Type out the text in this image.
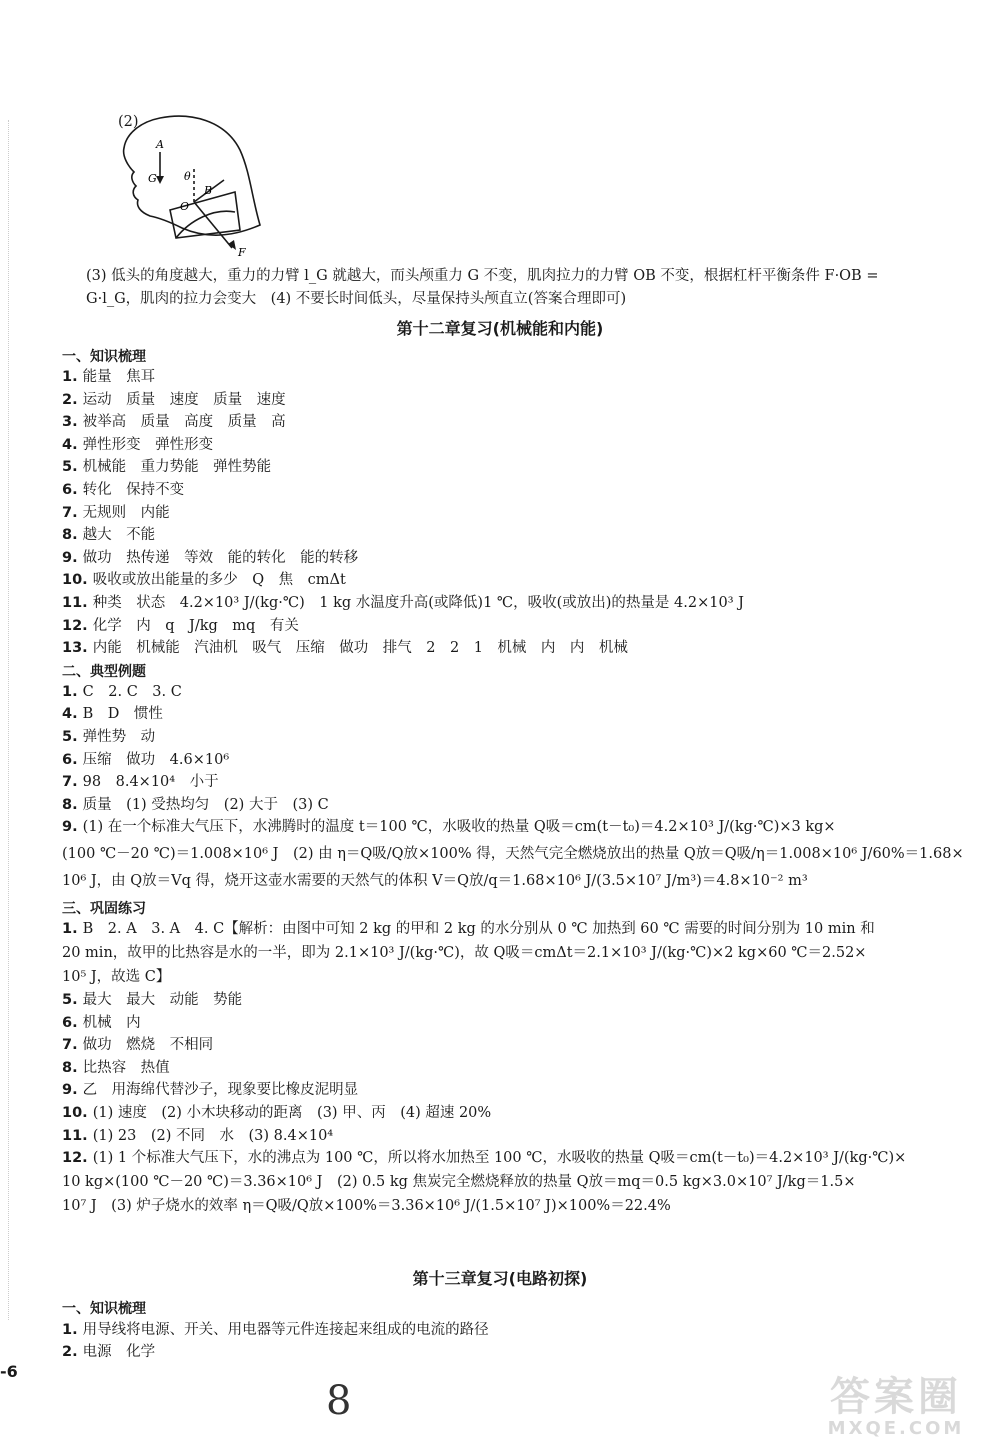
(2)
A
G θ
B
O
F
(3) 低头的角度越大，重力的力臂 l_G 就越大，而头颅重力 G 不变，肌肉拉力的力臂 OB 不变，根据杠杆平衡条件 F·OB =
G·l_G，肌肉的拉力会变大　(4) 不要长时间低头，尽量保持头颅直立(答案合理即可)
第十二章复习(机械能和内能)
一、知识梳理
1. 能量　焦耳
2. 运动　质量　速度　质量　速度
3. 被举高　质量　高度　质量　高
4. 弹性形变　弹性形变
5. 机械能　重力势能　弹性势能
6. 转化　保持不变
7. 无规则　内能
8. 越大　不能
9. 做功　热传递　等效　能的转化　能的转移
10. 吸收或放出能量的多少　Q　焦　cmΔt
11. 种类　状态　4.2×10³ J/(kg·℃)　1 kg 水温度升高(或降低)1 ℃，吸收(或放出)的热量是 4.2×10³ J
12. 化学　内　q　J/kg　mq　有关
13. 内能　机械能　汽油机　吸气　压缩　做功　排气　2　2　1　机械　内　内　机械
二、典型例题
1. C　2. C　3. C
4. B　D　惯性
5. 弹性势　动
6. 压缩　做功　4.6×10⁶
7. 98　8.4×10⁴　小于
8. 质量　(1) 受热均匀　(2) 大于　(3) C
9. (1) 在一个标准大气压下，水沸腾时的温度 t＝100 ℃，水吸收的热量 Q吸＝cm(t－t₀)＝4.2×10³ J/(kg·℃)×3 kg×
(100 ℃－20 ℃)＝1.008×10⁶ J　(2) 由 η＝Q吸/Q放×100% 得，天然气完全燃烧放出的热量 Q放＝Q吸/η＝1.008×10⁶ J/60%＝1.68×
10⁶ J，由 Q放＝Vq 得，烧开这壶水需要的天然气的体积 V＝Q放/q＝1.68×10⁶ J/(3.5×10⁷ J/m³)＝4.8×10⁻² m³
三、巩固练习
1. B　2. A　3. A　4. C【解析：由图中可知 2 kg 的甲和 2 kg 的水分别从 0 ℃ 加热到 60 ℃ 需要的时间分别为 10 min 和
20 min，故甲的比热容是水的一半，即为 2.1×10³ J/(kg·℃)，故 Q吸＝cmΔt＝2.1×10³ J/(kg·℃)×2 kg×60 ℃＝2.52×
10⁵ J，故选 C】
5. 最大　最大　动能　势能
6. 机械　内
7. 做功　燃烧　不相同
8. 比热容　热值
9. 乙　用海绵代替沙子，现象要比橡皮泥明显
10. (1) 速度　(2) 小木块移动的距离　(3) 甲、丙　(4) 超速 20%
11. (1) 23　(2) 不同　水　(3) 8.4×10⁴
12. (1) 1 个标准大气压下，水的沸点为 100 ℃，所以将水加热至 100 ℃，水吸收的热量 Q吸＝cm(t－t₀)＝4.2×10³ J/(kg·℃)×
10 kg×(100 ℃－20 ℃)＝3.36×10⁶ J　(2) 0.5 kg 焦炭完全燃烧释放的热量 Q放＝mq＝0.5 kg×3.0×10⁷ J/kg＝1.5×
10⁷ J　(3) 炉子烧水的效率 η＝Q吸/Q放×100%＝3.36×10⁶ J/(1.5×10⁷ J)×100%＝22.4%
第十三章复习(电路初探)
一、知识梳理
1. 用导线将电源、开关、用电器等元件连接起来组成的电流的路径
2. 电源　化学
-6
8	答案圈
MXQE.COM
